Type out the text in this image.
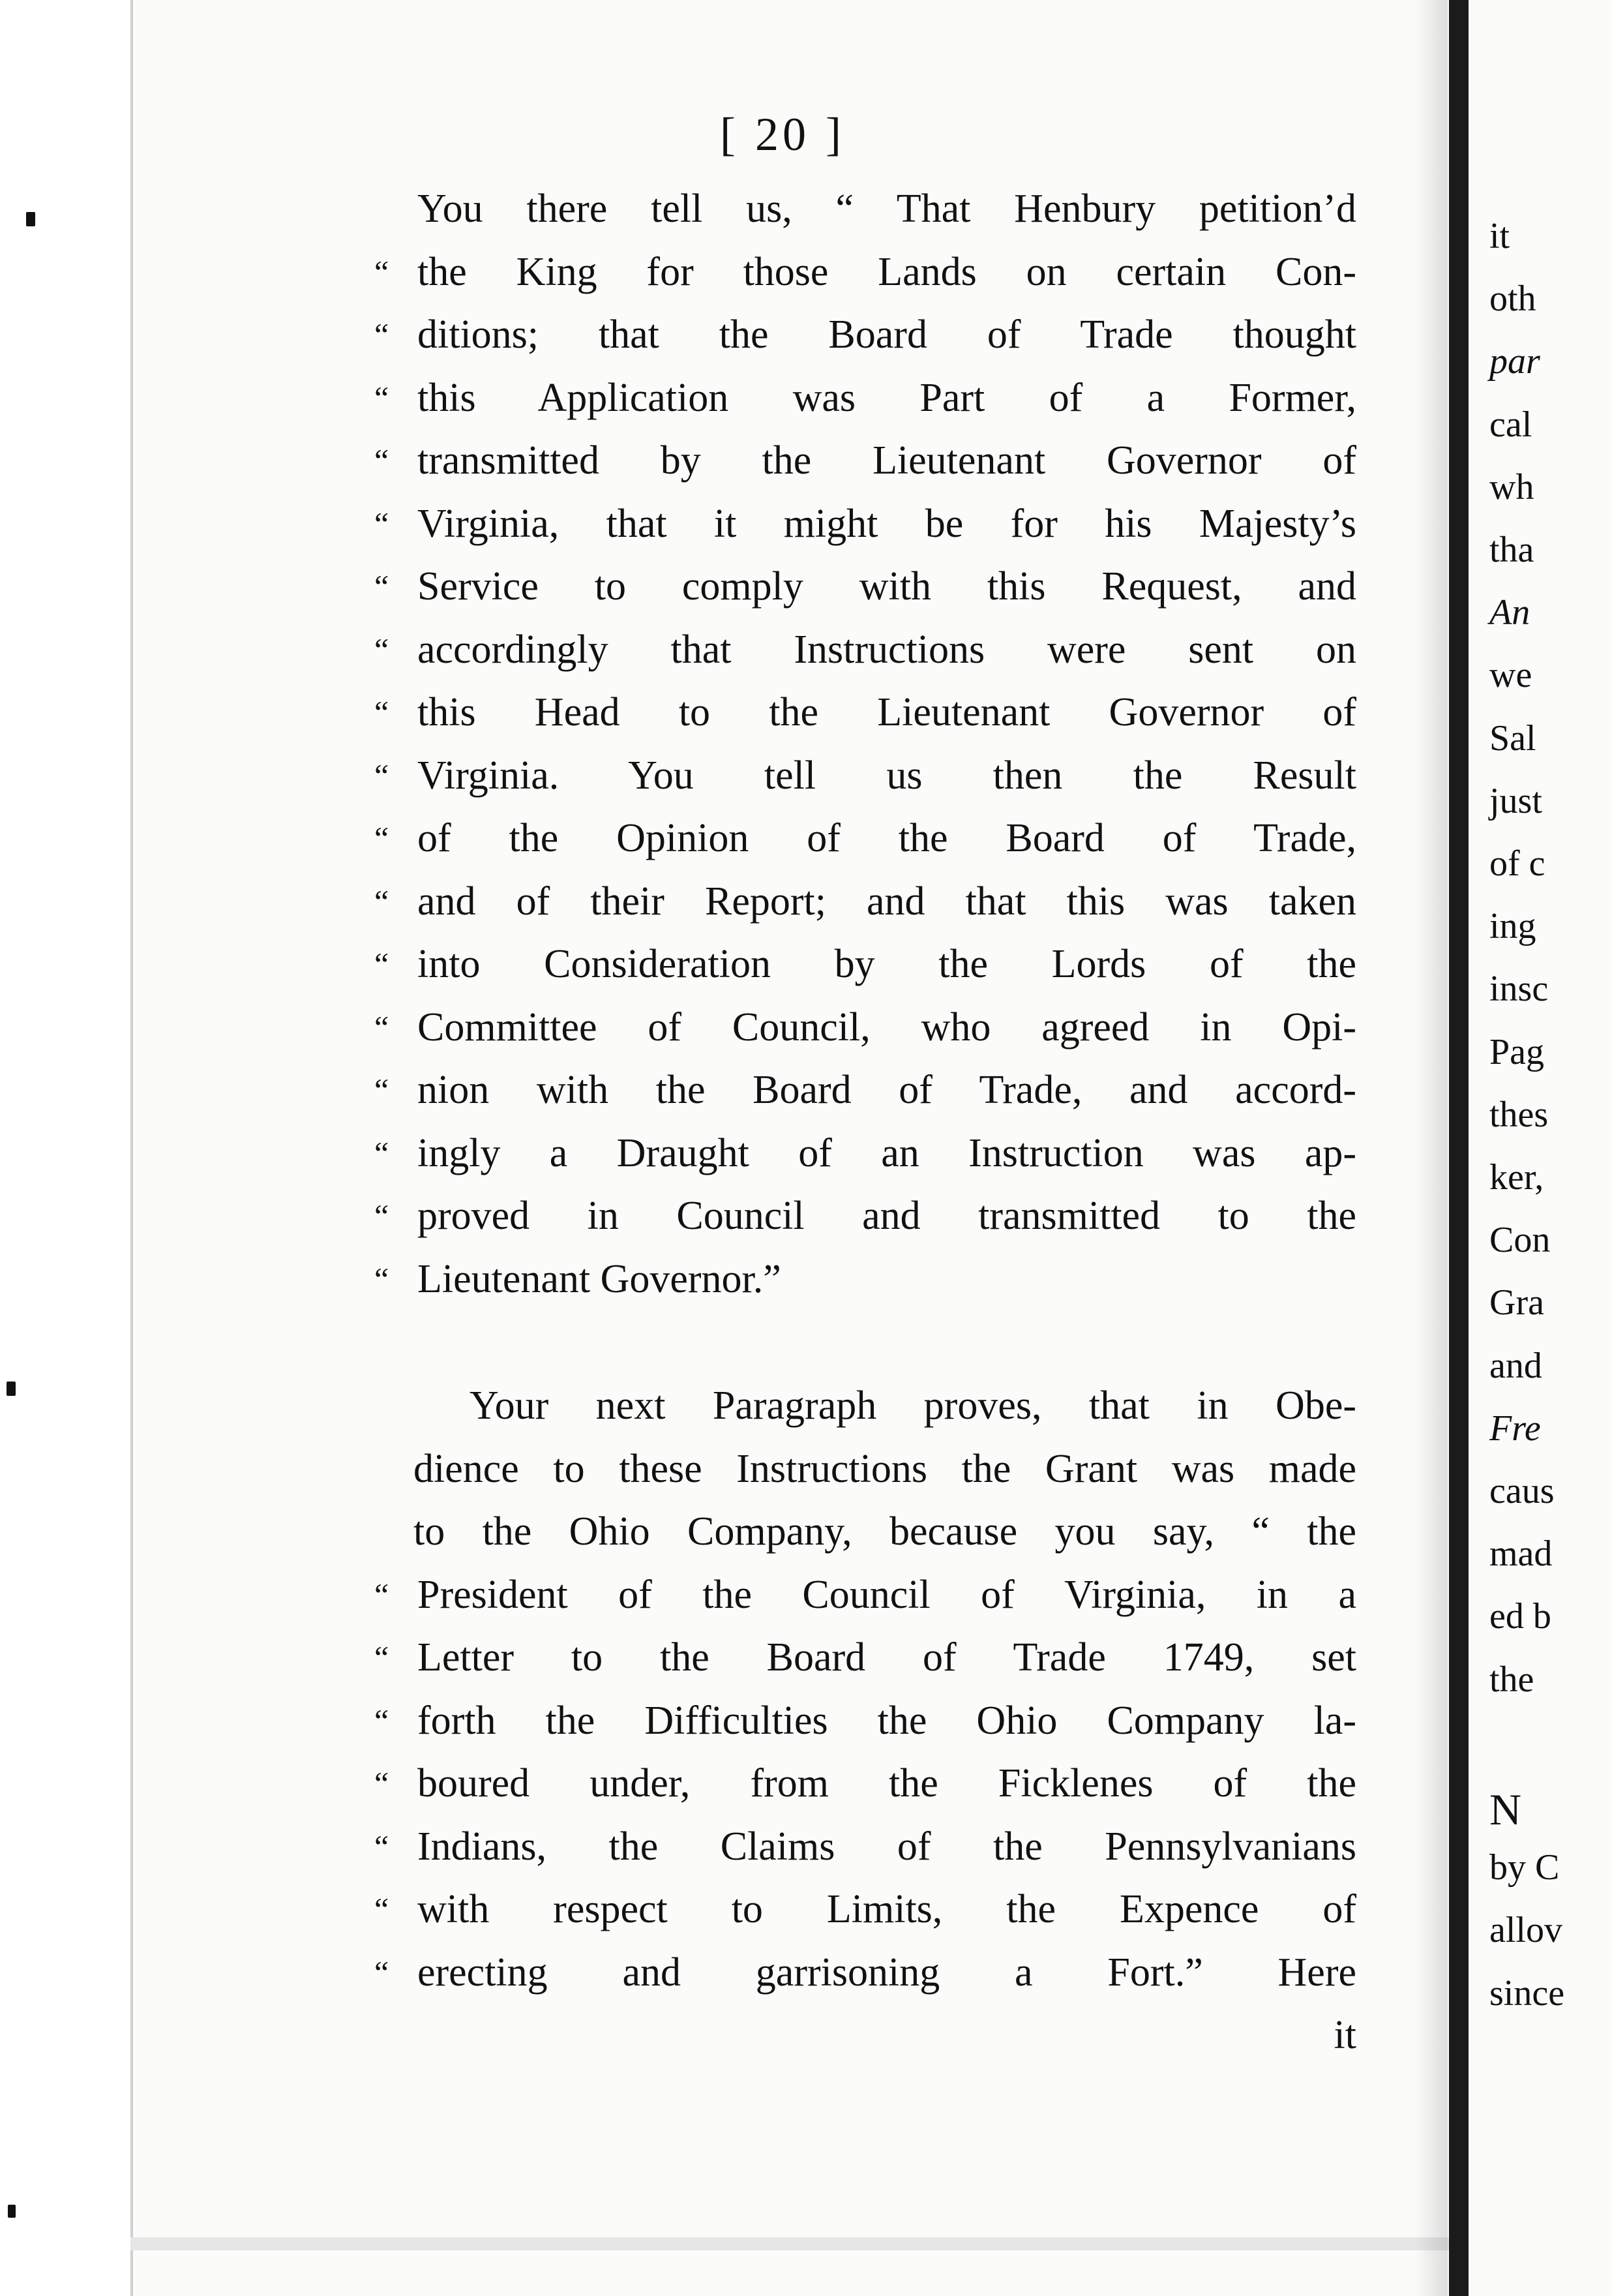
[ 20 ]
You there tell us, “ That Henbury petition’d
“ the King for those Lands on certain Con-
“ ditions; that the Board of Trade thought
“ this Application was Part of a Former,
“ transmitted by the Lieutenant Governor of
“ Virginia, that it might be for his Majesty’s
“ Service to comply with this Request, and
“ accordingly that Instructions were sent on
“ this Head to the Lieutenant Governor of
“ Virginia. You tell us then the Result
“ of the Opinion of the Board of Trade,
“ and of their Report; and that this was taken
“ into Consideration by the Lords of the
“ Committee of Council, who agreed in Opi-
“ nion with the Board of Trade, and accord-
“ ingly a Draught of an Instruction was ap-
“ proved in Council and transmitted to the
“ Lieutenant Governor.”
Your next Paragraph proves, that in Obe-
dience to these Instructions the Grant was made
to the Ohio Company, because you say, “ the
“ President of the Council of Virginia, in a
“ Letter to the Board of Trade 1749, set
“ forth the Difficulties the Ohio Company la-
“ boured under, from the Ficklenes of the
“ Indians, the Claims of the Pennsylvanians
“ with respect to Limits, the Expence of
“ erecting and garrisoning a Fort.” Here
it
it
oth
par
cal
wh
tha
An
we
Sal
just
of c
ing
insc
Pag
thes
ker,
Con
Gra
and
Fre
caus
mad
ed b
the
N
by C
allov
since
